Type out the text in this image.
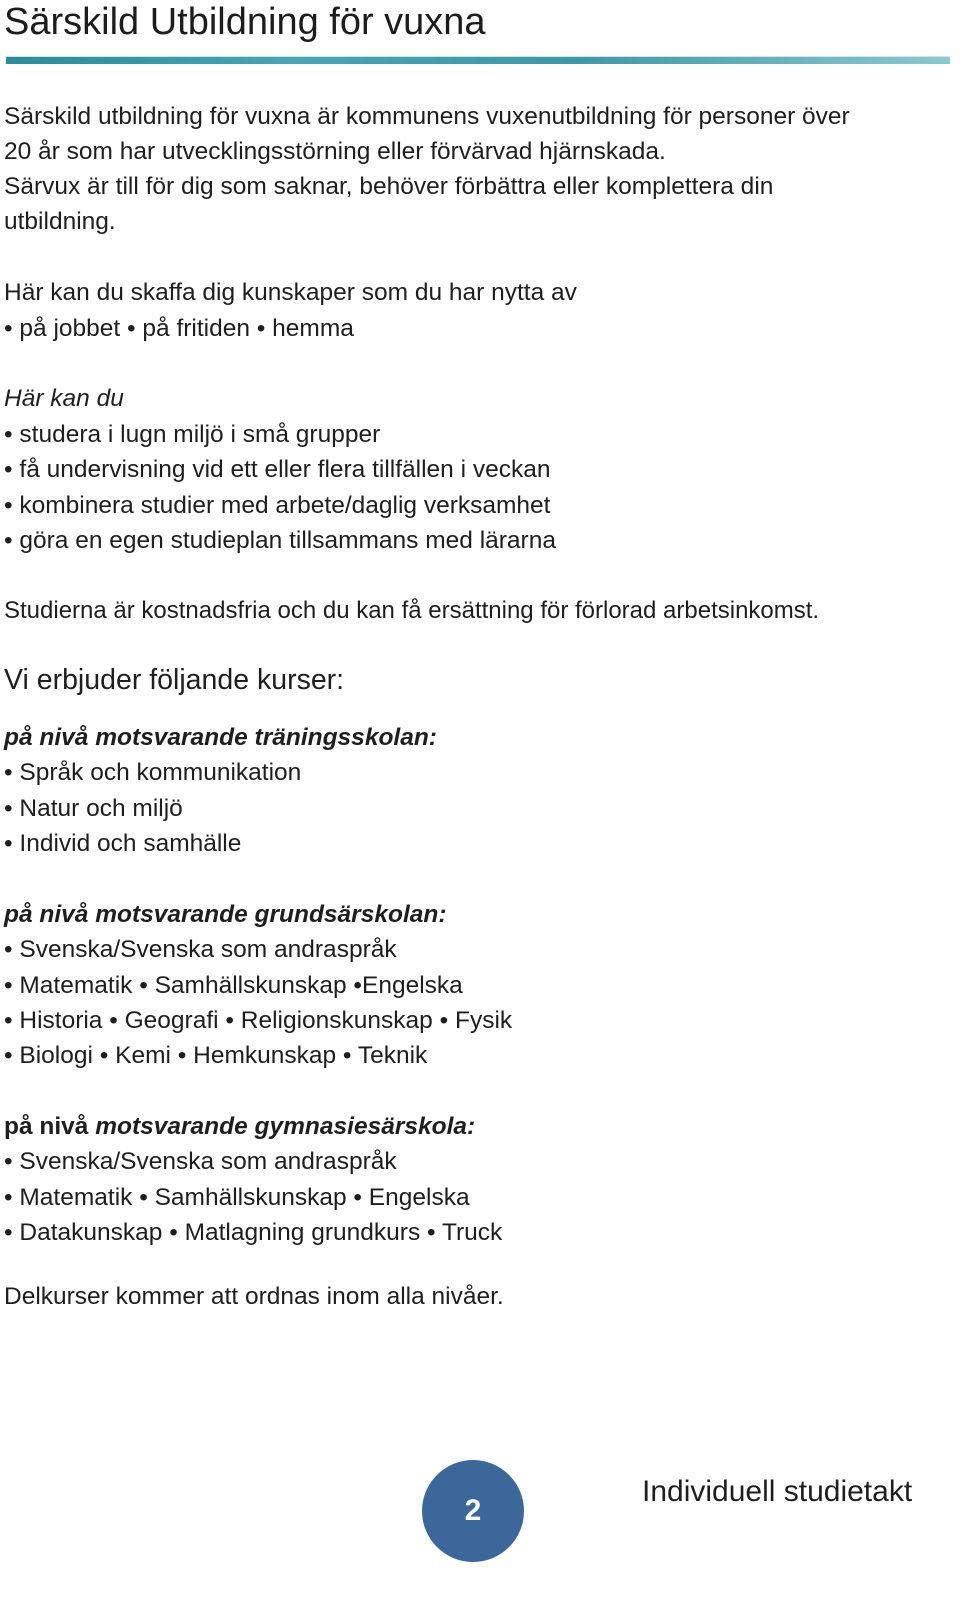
Särskild Utbildning för vuxna

Särskild utbildning för vuxna är kommunens vuxenutbildning för personer över

20 år som har utvecklingsstörning eller förvärvad hjärnskada.

Särvux är till för dig som saknar, behöver förbättra eller komplettera din

utbildning.

Här kan du skaffa dig kunskaper som du har nytta av

• på jobbet • på fritiden • hemma

Här kan du

• studera i lugn miljö i små grupper

• få undervisning vid ett eller flera tillfällen i veckan

• kombinera studier med arbete/daglig verksamhet

• göra en egen studieplan tillsammans med lärarna

Studierna är kostnadsfria och du kan få ersättning för förlorad arbetsinkomst.

Vi erbjuder följande kurser:

på nivå motsvarande träningsskolan:

• Språk och kommunikation

• Natur och miljö

• Individ och samhälle

på nivå motsvarande grundsärskolan:

• Svenska/Svenska som andraspråk

• Matematik • Samhällskunskap •Engelska

• Historia • Geografi • Religionskunskap • Fysik

• Biologi • Kemi • Hemkunskap • Teknik

på nivå motsvarande gymnasiesärskola:

• Svenska/Svenska som andraspråk

• Matematik • Samhällskunskap • Engelska

• Datakunskap • Matlagning grundkurs • Truck

Delkurser kommer att ordnas inom alla nivåer.

2
Individuell studietakt
